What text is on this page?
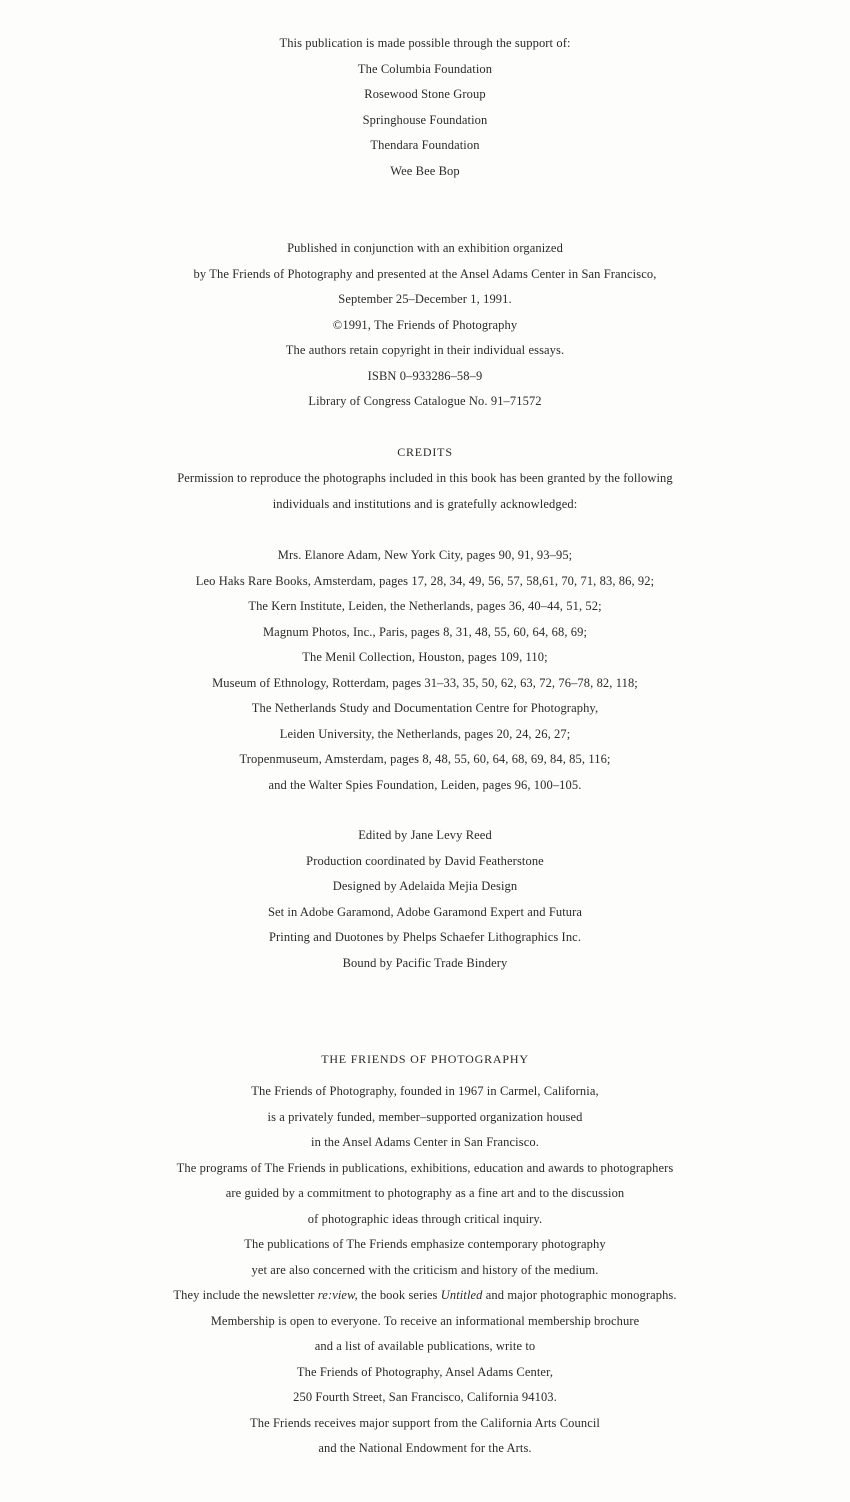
This publication is made possible through the support of:
The Columbia Foundation
Rosewood Stone Group
Springhouse Foundation
Thendara Foundation
Wee Bee Bop
Published in conjunction with an exhibition organized
by The Friends of Photography and presented at the Ansel Adams Center in San Francisco,
September 25–December 1, 1991.
©1991, The Friends of Photography
The authors retain copyright in their individual essays.
ISBN 0–933286–58–9
Library of Congress Catalogue No. 91–71572
CREDITS
Permission to reproduce the photographs included in this book has been granted by the following
individuals and institutions and is gratefully acknowledged:
Mrs. Elanore Adam, New York City, pages 90, 91, 93–95;
Leo Haks Rare Books, Amsterdam, pages 17, 28, 34, 49, 56, 57, 58,61, 70, 71, 83, 86, 92;
The Kern Institute, Leiden, the Netherlands, pages 36, 40–44, 51, 52;
Magnum Photos, Inc., Paris, pages 8, 31, 48, 55, 60, 64, 68, 69;
The Menil Collection, Houston, pages 109, 110;
Museum of Ethnology, Rotterdam, pages 31–33, 35, 50, 62, 63, 72, 76–78, 82, 118;
The Netherlands Study and Documentation Centre for Photography,
Leiden University, the Netherlands, pages 20, 24, 26, 27;
Tropenmuseum, Amsterdam, pages 8, 48, 55, 60, 64, 68, 69, 84, 85, 116;
and the Walter Spies Foundation, Leiden, pages 96, 100–105.
Edited by Jane Levy Reed
Production coordinated by David Featherstone
Designed by Adelaida Mejia Design
Set in Adobe Garamond, Adobe Garamond Expert and Futura
Printing and Duotones by Phelps Schaefer Lithographics Inc.
Bound by Pacific Trade Bindery
THE FRIENDS OF PHOTOGRAPHY
The Friends of Photography, founded in 1967 in Carmel, California,
is a privately funded, member–supported organization housed
in the Ansel Adams Center in San Francisco.
The programs of The Friends in publications, exhibitions, education and awards to photographers
are guided by a commitment to photography as a fine art and to the discussion
of photographic ideas through critical inquiry.
The publications of The Friends emphasize contemporary photography
yet are also concerned with the criticism and history of the medium.
They include the newsletter re:view, the book series Untitled and major photographic monographs.
Membership is open to everyone. To receive an informational membership brochure
and a list of available publications, write to
The Friends of Photography, Ansel Adams Center,
250 Fourth Street, San Francisco, California 94103.
The Friends receives major support from the California Arts Council
and the National Endowment for the Arts.
